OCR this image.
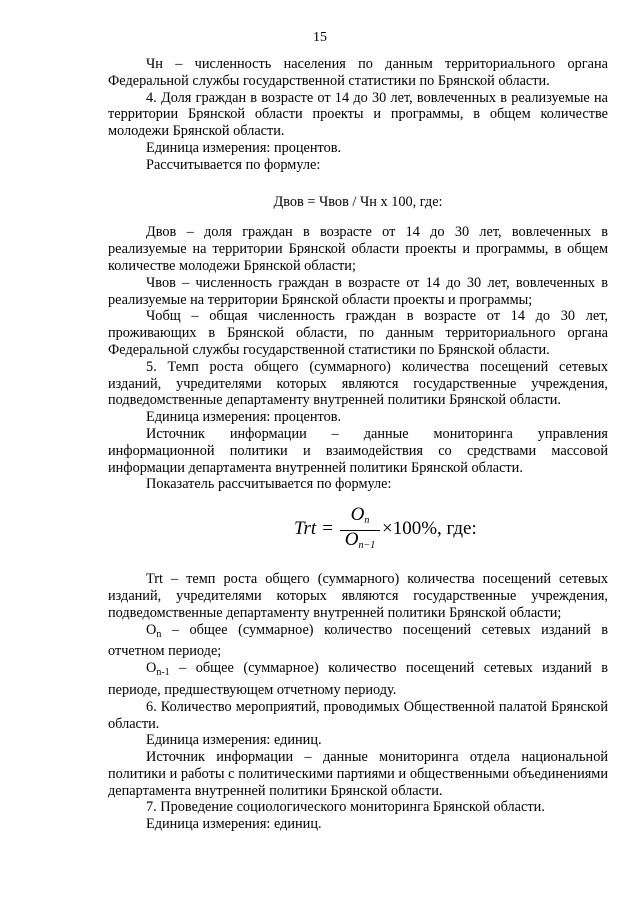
15

Чн – численность населения по данным территориального органа Федеральной службы государственной статистики по Брянской области.

4. Доля граждан в возрасте от 14 до 30 лет, вовлеченных в реализуемые на территории Брянской области проекты и программы, в общем количестве молодежи Брянской области.

Единица измерения: процентов.

Рассчитывается по формуле:

Двов = Чвов / Чн х 100, где:

Двов – доля граждан в возрасте от 14 до 30 лет, вовлеченных в реализуемые на территории Брянской области проекты и программы, в общем количестве молодежи Брянской области;

Чвов – численность граждан в возрасте от 14 до 30 лет, вовлеченных в реализуемые на территории Брянской области проекты и программы;

Чобщ – общая численность граждан в возрасте от 14 до 30 лет, проживающих в Брянской области, по данным территориального органа Федеральной службы государственной статистики по Брянской области.

5. Темп роста общего (суммарного) количества посещений сетевых изданий, учредителями которых являются государственные учреждения, подведомственные департаменту внутренней политики Брянской области.

Единица измерения: процентов.

Источник информации – данные мониторинга управления информационной политики и взаимодействия со средствами массовой информации департамента внутренней политики Брянской области.

Показатель рассчитывается по формуле:

Trt =
$O_n$
$O_{n-1}$
×100%, где:

Trt – темп роста общего (суммарного) количества посещений сетевых изданий, учредителями которых являются государственные учреждения, подведомственные департаменту внутренней политики Брянской области;

$O_n$ – общее (суммарное) количество посещений сетевых изданий в отчетном периоде;

$O_{n-1}$ – общее (суммарное) количество посещений сетевых изданий в периоде, предшествующем отчетному периоду.

6. Количество мероприятий, проводимых Общественной палатой Брянской области.

Единица измерения: единиц.

Источник информации – данные мониторинга отдела национальной политики и работы с политическими партиями и общественными объединениями департамента внутренней политики Брянской области.

7. Проведение социологического мониторинга Брянской области.

Единица измерения: единиц.
